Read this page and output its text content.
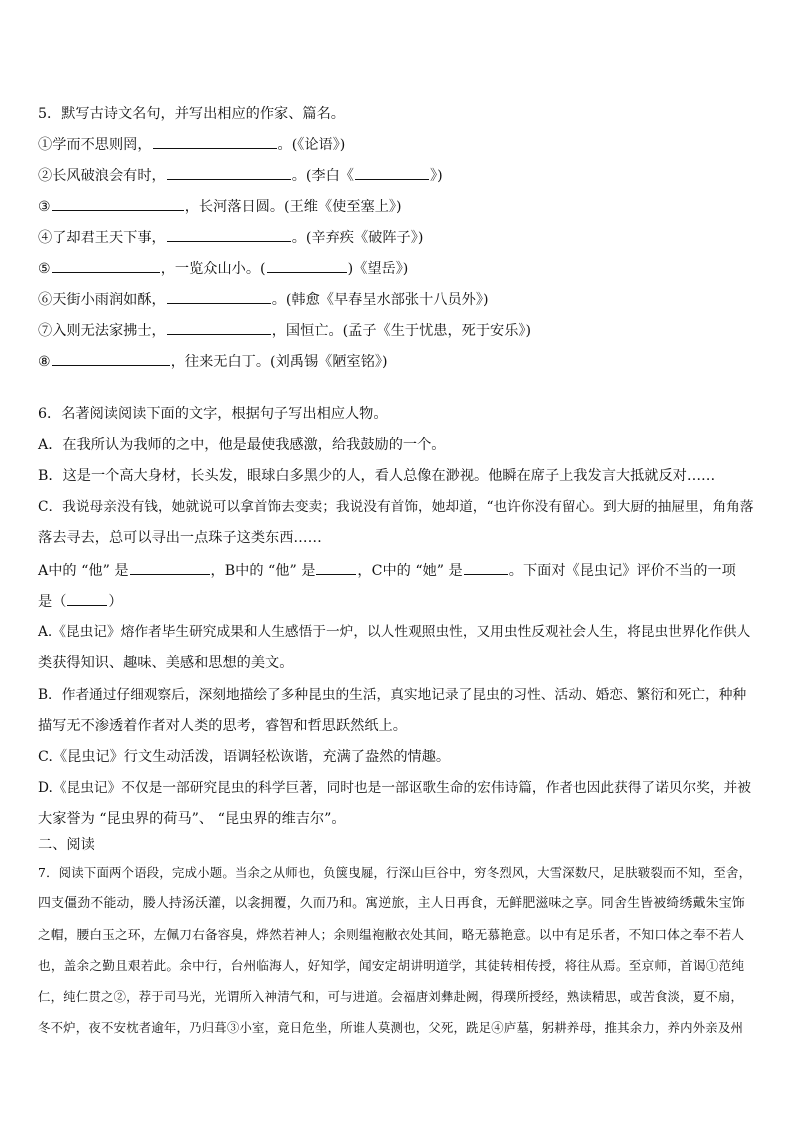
5．默写古诗文名句，并写出相应的作家、篇名。
①学而不思则罔，	。(《论语》)
②长风破浪会有时，	。(李白《	》)
③	，长河落日圆。(王维《使至塞上》)
④了却君王天下事，	。(辛弃疾《破阵子》)
⑤	，一览众山小。(	)《望岳》)
⑥天街小雨润如酥，	。(韩愈《早春呈水部张十八员外》)
⑦入则无法家拂士，	，国恒亡。(孟子《生于忧患，死于安乐》)
⑧	，往来无白丁。(刘禹锡《陋室铭》)
6．名著阅读阅读下面的文字，根据句子写出相应人物。
A．在我所认为我师的之中，他是最使我感激，给我鼓励的一个。
B．这是一个高大身材，长头发，眼球白多黑少的人，看人总像在渺视。他瞬在席子上我发言大抵就反对……
C．我说母亲没有钱，她就说可以拿首饰去变卖；我说没有首饰，她却道，“也许你没有留心。到大厨的抽屉里，角角落
落去寻去，总可以寻出一点珠子这类东西……
A中的 “他” 是	，B中的 “他” 是	，C中的 “她” 是	。下面对《昆虫记》评价不当的一项
是（	）
A.《昆虫记》熔作者毕生研究成果和人生感悟于一炉，以人性观照虫性，又用虫性反观社会人生，将昆虫世界化作供人
类获得知识、趣味、美感和思想的美文。
B．作者通过仔细观察后，深刻地描绘了多种昆虫的生活，真实地记录了昆虫的习性、活动、婚恋、繁衍和死亡，种种
描写无不渗透着作者对人类的思考，睿智和哲思跃然纸上。
C.《昆虫记》行文生动活泼，语调轻松诙谐，充满了盎然的情趣。
D.《昆虫记》不仅是一部研究昆虫的科学巨著，同时也是一部讴歌生命的宏伟诗篇，作者也因此获得了诺贝尔奖，并被
大家誉为 “昆虫界的荷马”、 “昆虫界的维吉尔”。
二、阅读
7．阅读下面两个语段，完成小题。当余之从师也，负箧曳屣，行深山巨谷中，穷冬烈风，大雪深数尺，足肤皲裂而不知，至舍，
四支僵劲不能动，媵人持汤沃灌，以衾拥覆，久而乃和。寓逆旅，主人日再食，无鲜肥滋味之享。同舍生皆被绮绣戴朱宝饰
之帽，腰白玉之环，左佩刀右备容臭，烨然若神人；余则缊袍敝衣处其间，略无慕艳意。以中有足乐者，不知口体之奉不若人
也，盖余之勤且艰若此。余中行，台州临海人，好知学，闻安定胡讲明道学，其徒转相传授，将往从焉。至京师，首谒①范纯
仁，纯仁贯之②，荐于司马光，光谓所入神清气和，可与进道。会福唐刘彝赴阙，得璞所授经，熟读精思，或苦食淡，夏不扇，
冬不炉，夜不安枕者逾年，乃归葺③小室，竟日危坐，所谁人莫测也，父死，跣足④庐墓，躬耕养母，推其余力，养内外亲及州
